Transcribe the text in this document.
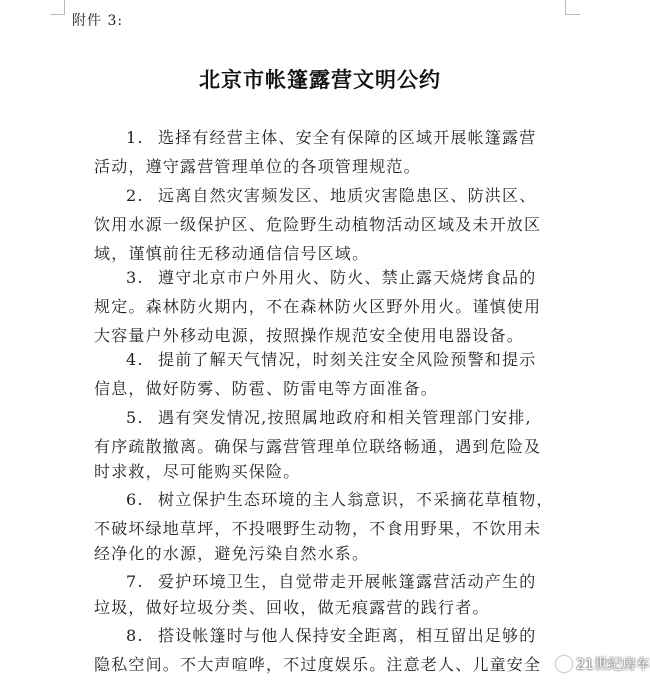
附件 3:
北京市帐篷露营文明公约
1. 选择有经营主体、安全有保障的区域开展帐篷露营
活动，遵守露营管理单位的各项管理规范。
2. 远离自然灾害频发区、地质灾害隐患区、防洪区、
饮用水源一级保护区、危险野生动植物活动区域及未开放区
域，谨慎前往无移动通信信号区域。
3. 遵守北京市户外用火、防火、禁止露天烧烤食品的
规定。森林防火期内，不在森林防火区野外用火。谨慎使用
大容量户外移动电源，按照操作规范安全使用电器设备。
4. 提前了解天气情况，时刻关注安全风险预警和提示
信息，做好防雾、防雹、防雷电等方面准备。
5. 遇有突发情况,按照属地政府和相关管理部门安排,
有序疏散撤离。确保与露营管理单位联络畅通，遇到危险及
时求救，尽可能购买保险。
6. 树立保护生态环境的主人翁意识，不采摘花草植物，
不破坏绿地草坪，不投喂野生动物，不食用野果，不饮用未
经净化的水源，避免污染自然水系。
7. 爱护环境卫生，自觉带走开展帐篷露营活动产生的
垃圾，做好垃圾分类、回收，做无痕露营的践行者。
8. 搭设帐篷时与他人保持安全距离，相互留出足够的
隐私空间。不大声喧哗，不过度娱乐。注意老人、儿童安全 21世纪房车
